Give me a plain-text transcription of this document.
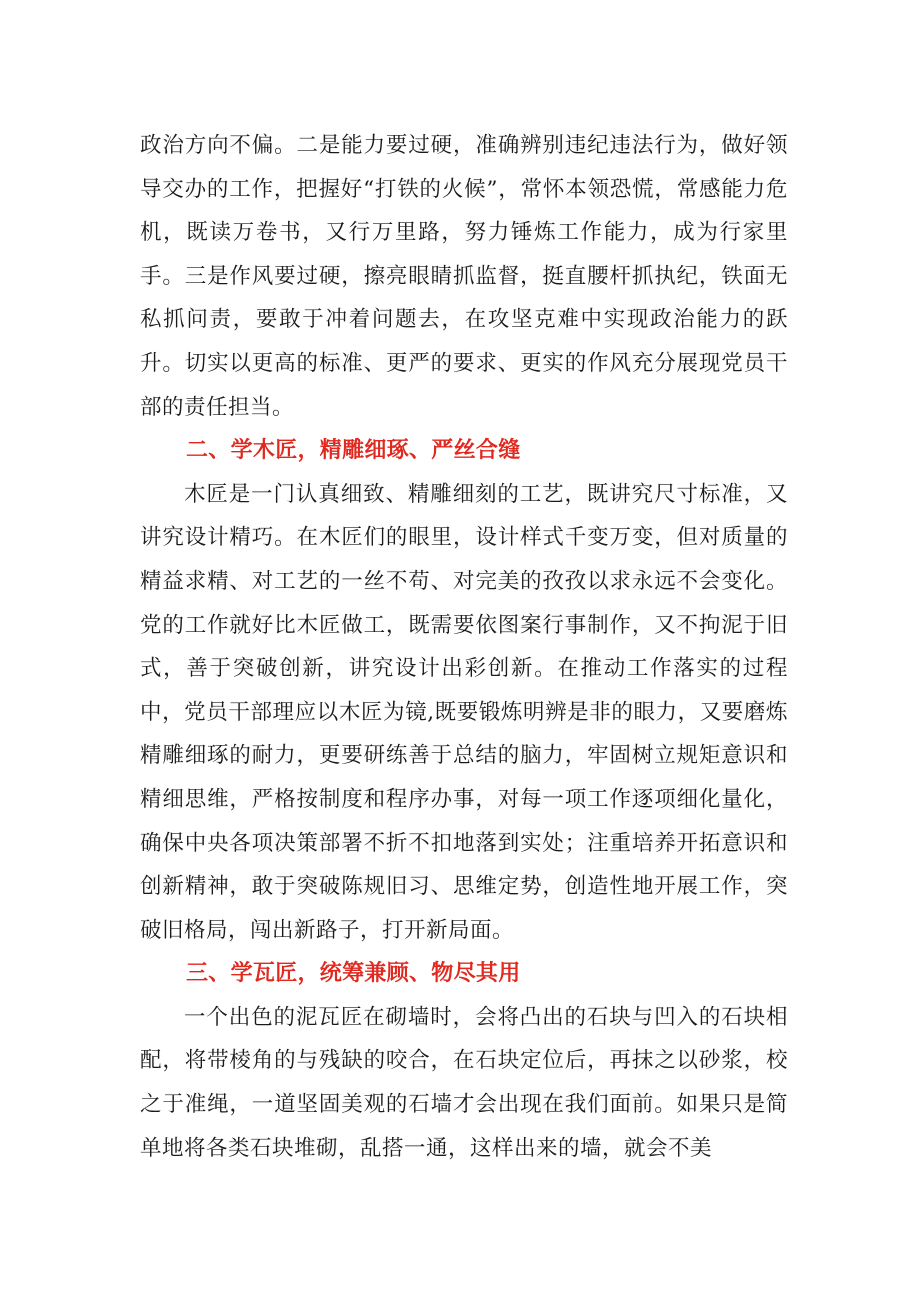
政治方向不偏。二是能力要过硬，准确辨别违纪违法行为，做好领导交办的工作，把握好“打铁的火候”，常怀本领恐慌，常感能力危机，既读万卷书，又行万里路，努力锤炼工作能力，成为行家里手。三是作风要过硬，擦亮眼睛抓监督，挺直腰杆抓执纪，铁面无私抓问责，要敢于冲着问题去，在攻坚克难中实现政治能力的跃升。切实以更高的标准、更严的要求、更实的作风充分展现党员干部的责任担当。

二、学木匠，精雕细琢、严丝合缝

木匠是一门认真细致、精雕细刻的工艺，既讲究尺寸标准，又讲究设计精巧。在木匠们的眼里，设计样式千变万变，但对质量的精益求精、对工艺的一丝不苟、对完美的孜孜以求永远不会变化。党的工作就好比木匠做工，既需要依图案行事制作，又不拘泥于旧式，善于突破创新，讲究设计出彩创新。在推动工作落实的过程中，党员干部理应以木匠为镜,既要锻炼明辨是非的眼力，又要磨炼精雕细琢的耐力，更要研练善于总结的脑力，牢固树立规矩意识和精细思维，严格按制度和程序办事，对每一项工作逐项细化量化，确保中央各项决策部署不折不扣地落到实处；注重培养开拓意识和创新精神，敢于突破陈规旧习、思维定势，创造性地开展工作，突破旧格局，闯出新路子，打开新局面。

三、学瓦匠，统筹兼顾、物尽其用

一个出色的泥瓦匠在砌墙时，会将凸出的石块与凹入的石块相配，将带棱角的与残缺的咬合，在石块定位后，再抹之以砂浆，校之于准绳，一道坚固美观的石墙才会出现在我们面前。如果只是简单地将各类石块堆砌，乱搭一通，这样出来的墙，就会不美
